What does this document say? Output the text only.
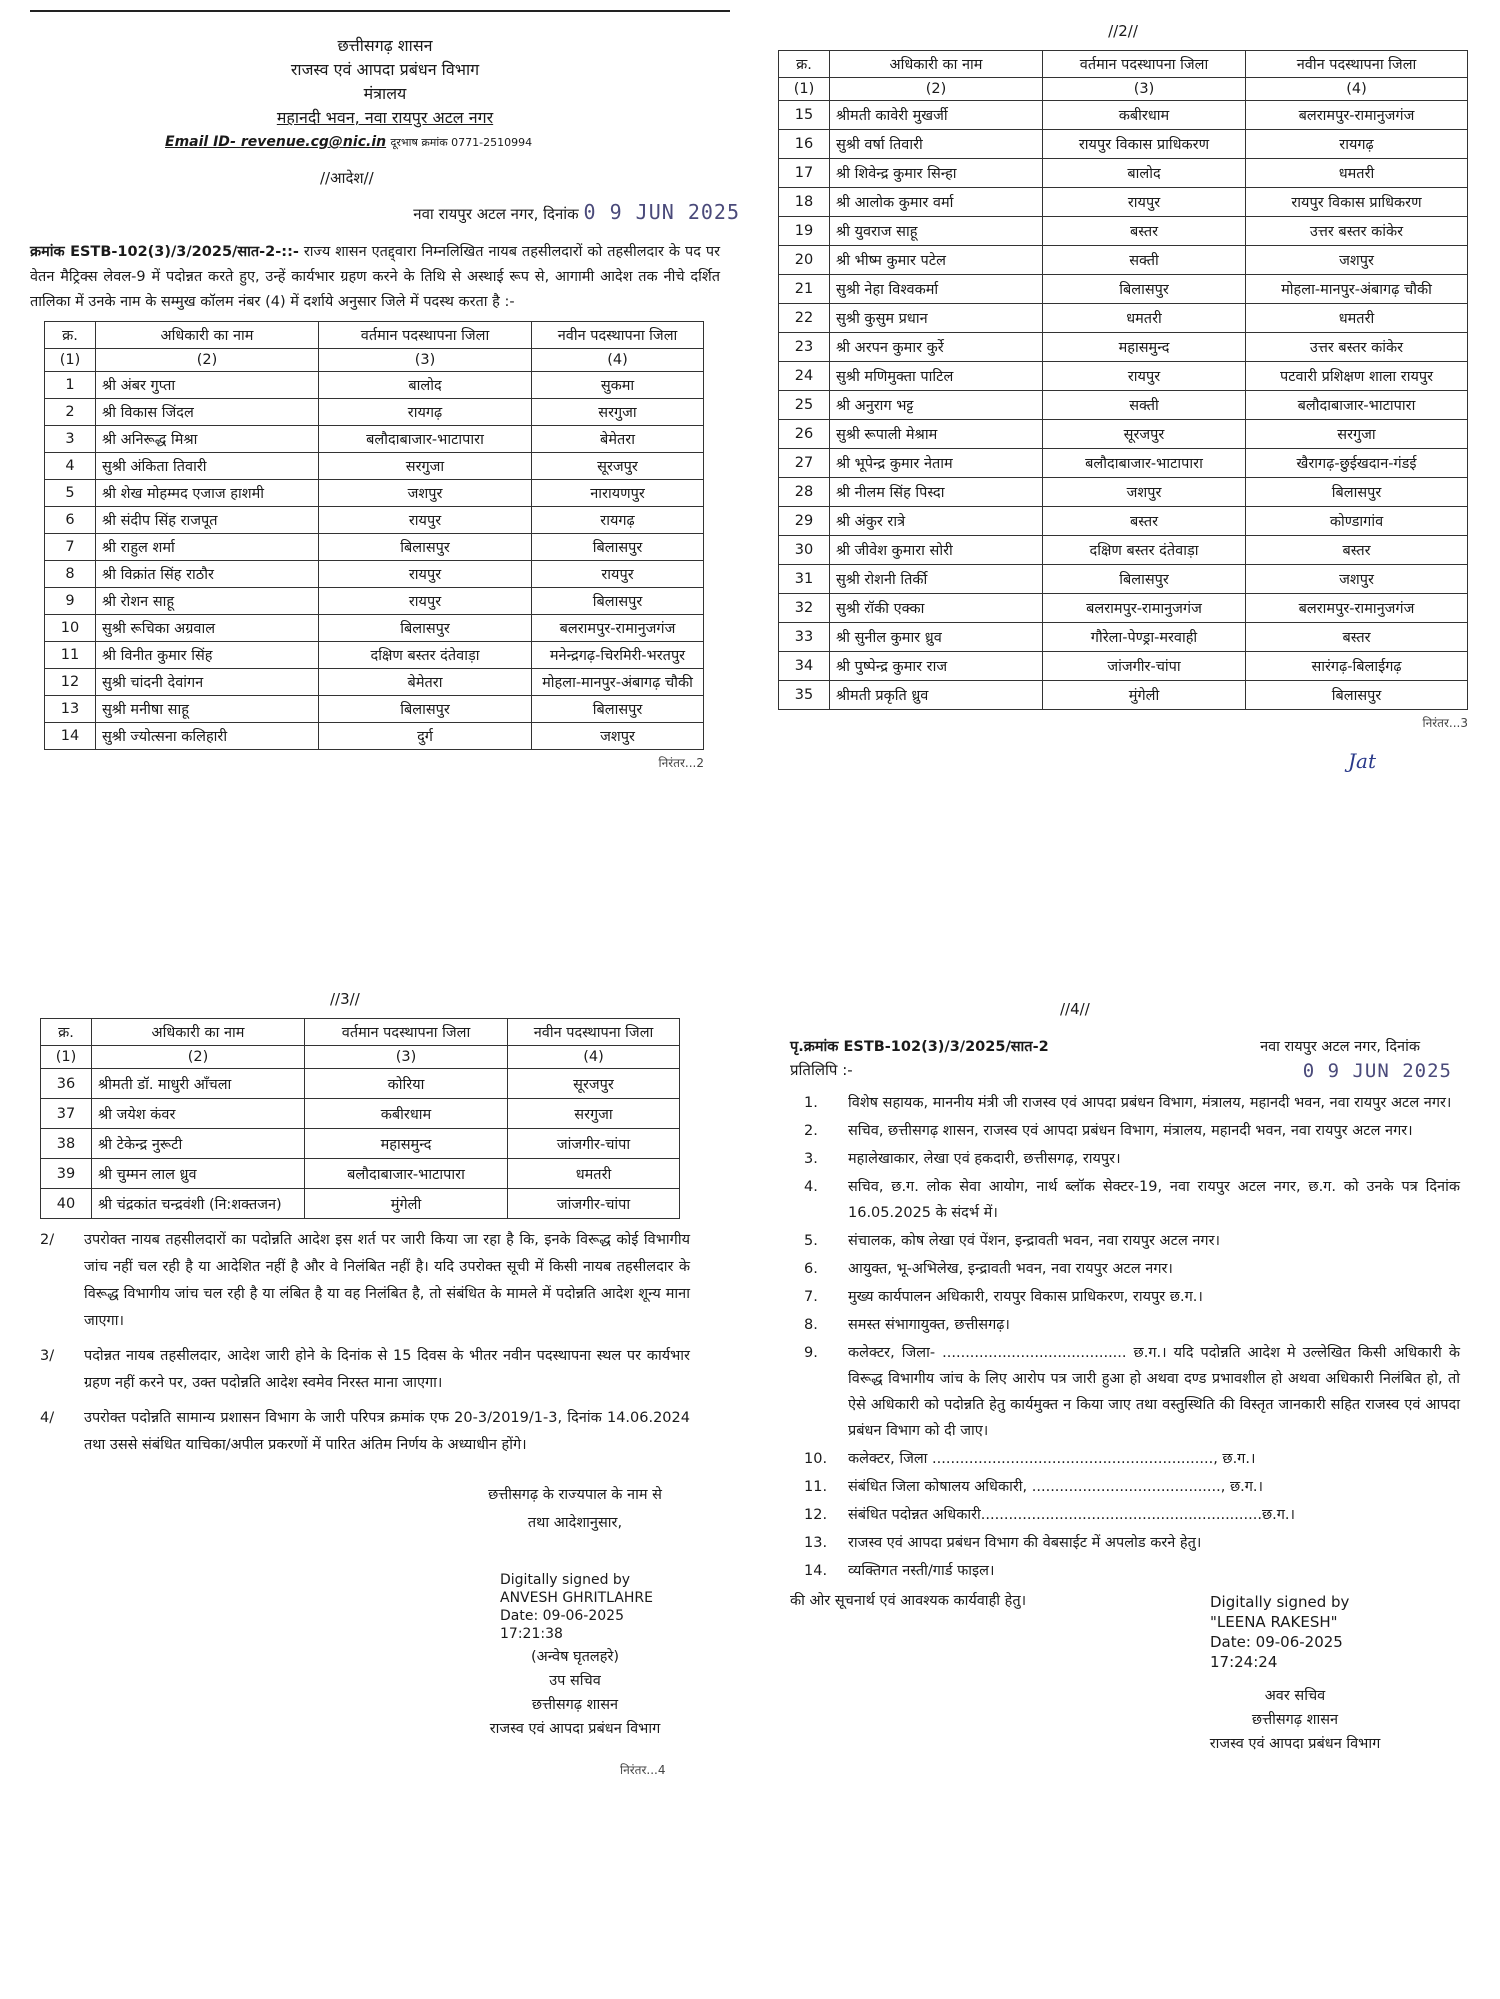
छत्तीसगढ़ शासन

राजस्व एवं आपदा प्रबंधन विभाग

मंत्रालय

महानदी भवन, नवा रायपुर अटल नगर

Email ID- revenue.cg@nic.in दूरभाष क्रमांक 0771-2510994
//आदेश//
नवा रायपुर अटल नगर, दिनांक 0 9 JUN 2025
क्रमांक ESTB-102(3)/3/2025/सात-2-::- राज्य शासन एतद्द्वारा निम्नलिखित नायब तहसीलदारों को तहसीलदार के पद पर वेतन मैट्रिक्स लेवल-9 में पदोन्नत करते हुए, उन्हें कार्यभार ग्रहण करने के तिथि से अस्थाई रूप से, आगामी आदेश तक नीचे दर्शित तालिका में उनके नाम के सम्मुख कॉलम नंबर (4) में दर्शाये अनुसार जिले में पदस्थ करता है :-
क्र.	अधिकारी का नाम	वर्तमान पदस्थापना जिला	नवीन पदस्थापना जिला
(1)	(2)	(3)	(4)
1	श्री अंबर गुप्ता	बालोद	सुकमा
2	श्री विकास जिंदल	रायगढ़	सरगुजा
3	श्री अनिरूद्ध मिश्रा	बलौदाबाजार-भाटापारा	बेमेतरा
4	सुश्री अंकिता तिवारी	सरगुजा	सूरजपुर
5	श्री शेख मोहम्मद एजाज हाशमी	जशपुर	नारायणपुर
6	श्री संदीप सिंह राजपूत	रायपुर	रायगढ़
7	श्री राहुल शर्मा	बिलासपुर	बिलासपुर
8	श्री विक्रांत सिंह राठौर	रायपुर	रायपुर
9	श्री रोशन साहू	रायपुर	बिलासपुर
10	सुश्री रूचिका अग्रवाल	बिलासपुर	बलरामपुर-रामानुजगंज
11	श्री विनीत कुमार सिंह	दक्षिण बस्तर दंतेवाड़ा	मनेन्द्रगढ़-चिरमिरी-भरतपुर
12	सुश्री चांदनी देवांगन	बेमेतरा	मोहला-मानपुर-अंबागढ़ चौकी
13	सुश्री मनीषा साहू	बिलासपुर	बिलासपुर
14	सुश्री ज्योत्सना कलिहारी	दुर्ग	जशपुर
निरंतर...2
//2//
क्र.	अधिकारी का नाम	वर्तमान पदस्थापना जिला	नवीन पदस्थापना जिला
(1)	(2)	(3)	(4)
15	श्रीमती कावेरी मुखर्जी	कबीरधाम	बलरामपुर-रामानुजगंज
16	सुश्री वर्षा तिवारी	रायपुर विकास प्राधिकरण	रायगढ़
17	श्री शिवेन्द्र कुमार सिन्हा	बालोद	धमतरी
18	श्री आलोक कुमार वर्मा	रायपुर	रायपुर विकास प्राधिकरण
19	श्री युवराज साहू	बस्तर	उत्तर बस्तर कांकेर
20	श्री भीष्म कुमार पटेल	सक्ती	जशपुर
21	सुश्री नेहा विश्वकर्मा	बिलासपुर	मोहला-मानपुर-अंबागढ़ चौकी
22	सुश्री कुसुम प्रधान	धमतरी	धमतरी
23	श्री अरपन कुमार कुर्रे	महासमुन्द	उत्तर बस्तर कांकेर
24	सुश्री मणिमुक्ता पाटिल	रायपुर	पटवारी प्रशिक्षण शाला रायपुर
25	श्री अनुराग भट्ट	सक्ती	बलौदाबाजार-भाटापारा
26	सुश्री रूपाली मेश्राम	सूरजपुर	सरगुजा
27	श्री भूपेन्द्र कुमार नेताम	बलौदाबाजार-भाटापारा	खैरागढ़-छुईखदान-गंडई
28	श्री नीलम सिंह पिस्दा	जशपुर	बिलासपुर
29	श्री अंकुर रात्रे	बस्तर	कोण्डागांव
30	श्री जीवेश कुमारा सोरी	दक्षिण बस्तर दंतेवाड़ा	बस्तर
31	सुश्री रोशनी तिर्की	बिलासपुर	जशपुर
32	सुश्री रॉकी एक्का	बलरामपुर-रामानुजगंज	बलरामपुर-रामानुजगंज
33	श्री सुनील कुमार ध्रुव	गौरेला-पेण्ड्रा-मरवाही	बस्तर
34	श्री पुष्पेन्द्र कुमार राज	जांजगीर-चांपा	सारंगढ़-बिलाईगढ़
35	श्रीमती प्रकृति ध्रुव	मुंगेली	बिलासपुर
निरंतर...3
Jat
//3//
क्र.	अधिकारी का नाम	वर्तमान पदस्थापना जिला	नवीन पदस्थापना जिला
(1)	(2)	(3)	(4)
36	श्रीमती डॉ. माधुरी आँचला	कोरिया	सूरजपुर
37	श्री जयेश कंवर	कबीरधाम	सरगुजा
38	श्री टेकेन्द्र नुरूटी	महासमुन्द	जांजगीर-चांपा
39	श्री चुम्मन लाल ध्रुव	बलौदाबाजार-भाटापारा	धमतरी
40	श्री चंद्रकांत चन्द्रवंशी (नि:शक्तजन)	मुंगेली	जांजगीर-चांपा
2/	उपरोक्त नायब तहसीलदारों का पदोन्नति आदेश इस शर्त पर जारी किया जा रहा है कि, इनके विरूद्ध कोई विभागीय जांच नहीं चल रही है या आदेशित नहीं है और वे निलंबित नहीं है। यदि उपरोक्त सूची में किसी नायब तहसीलदार के विरूद्ध विभागीय जांच चल रही है या लंबित है या वह निलंबित है, तो संबंधित के मामले में पदोन्नति आदेश शून्य माना जाएगा।
3/	पदोन्नत नायब तहसीलदार, आदेश जारी होने के दिनांक से 15 दिवस के भीतर नवीन पदस्थापना स्थल पर कार्यभार ग्रहण नहीं करने पर, उक्त पदोन्नति आदेश स्वमेव निरस्त माना जाएगा।
4/	उपरोक्त पदोन्नति सामान्य प्रशासन विभाग के जारी परिपत्र क्रमांक एफ 20-3/2019/1-3, दिनांक 14.06.2024 तथा उससे संबंधित याचिका/अपील प्रकरणों में पारित अंतिम निर्णय के अध्याधीन होंगे।

छत्तीसगढ़ के राज्यपाल के नाम से

तथा आदेशानुसार,

Digitally signed by

ANVESH GHRITLAHRE

Date: 09-06-2025

17:21:38

(अन्वेष घृतलहरे)

उप सचिव

छत्तीसगढ़ शासन

राजस्व एवं आपदा प्रबंधन विभाग

निरंतर...4
//4//
पृ.क्रमांक ESTB-102(3)/3/2025/सात-2	नवा रायपुर अटल नगर, दिनांक
प्रतिलिपि :-	0 9 JUN 2025
1.	विशेष सहायक, माननीय मंत्री जी राजस्व एवं आपदा प्रबंधन विभाग, मंत्रालय, महानदी भवन, नवा रायपुर अटल नगर।
2.	सचिव, छत्तीसगढ़ शासन, राजस्व एवं आपदा प्रबंधन विभाग, मंत्रालय, महानदी भवन, नवा रायपुर अटल नगर।
3.	महालेखाकार, लेखा एवं हकदारी, छत्तीसगढ़, रायपुर।
4.	सचिव, छ.ग. लोक सेवा आयोग, नार्थ ब्लॉक सेक्टर-19, नवा रायपुर अटल नगर, छ.ग. को उनके पत्र दिनांक 16.05.2025 के संदर्भ में।
5.	संचालक, कोष लेखा एवं पेंशन, इन्द्रावती भवन, नवा रायपुर अटल नगर।
6.	आयुक्त, भू-अभिलेख, इन्द्रावती भवन, नवा रायपुर अटल नगर।
7.	मुख्य कार्यपालन अधिकारी, रायपुर विकास प्राधिकरण, रायपुर छ.ग.।
8.	समस्त संभागायुक्त, छत्तीसगढ़।
9.	कलेक्टर, जिला- ........................................ छ.ग.। यदि पदोन्नति आदेश मे उल्लेखित किसी अधिकारी के विरूद्ध विभागीय जांच के लिए आरोप पत्र जारी हुआ हो अथवा दण्ड प्रभावशील हो अथवा अधिकारी निलंबित हो, तो ऐसे अधिकारी को पदोन्नति हेतु कार्यमुक्त न किया जाए तथा वस्तुस्थिति की विस्तृत जानकारी सहित राजस्व एवं आपदा प्रबंधन विभाग को दी जाए।
10.	कलेक्टर, जिला ............................................................., छ.ग.।
11.	संबंधित जिला कोषालय अधिकारी, ........................................., छ.ग.।
12.	संबंधित पदोन्नत अधिकारी.............................................................छ.ग.।
13.	राजस्व एवं आपदा प्रबंधन विभाग की वेबसाईट में अपलोड करने हेतु।
14.	व्यक्तिगत नस्ती/गार्ड फाइल।
की ओर सूचनार्थ एवं आवश्यक कार्यवाही हेतु।	Digitally signed by

"LEENA RAKESH"

Date: 09-06-2025

17:24:24

अवर सचिव

छत्तीसगढ़ शासन

राजस्व एवं आपदा प्रबंधन विभाग
